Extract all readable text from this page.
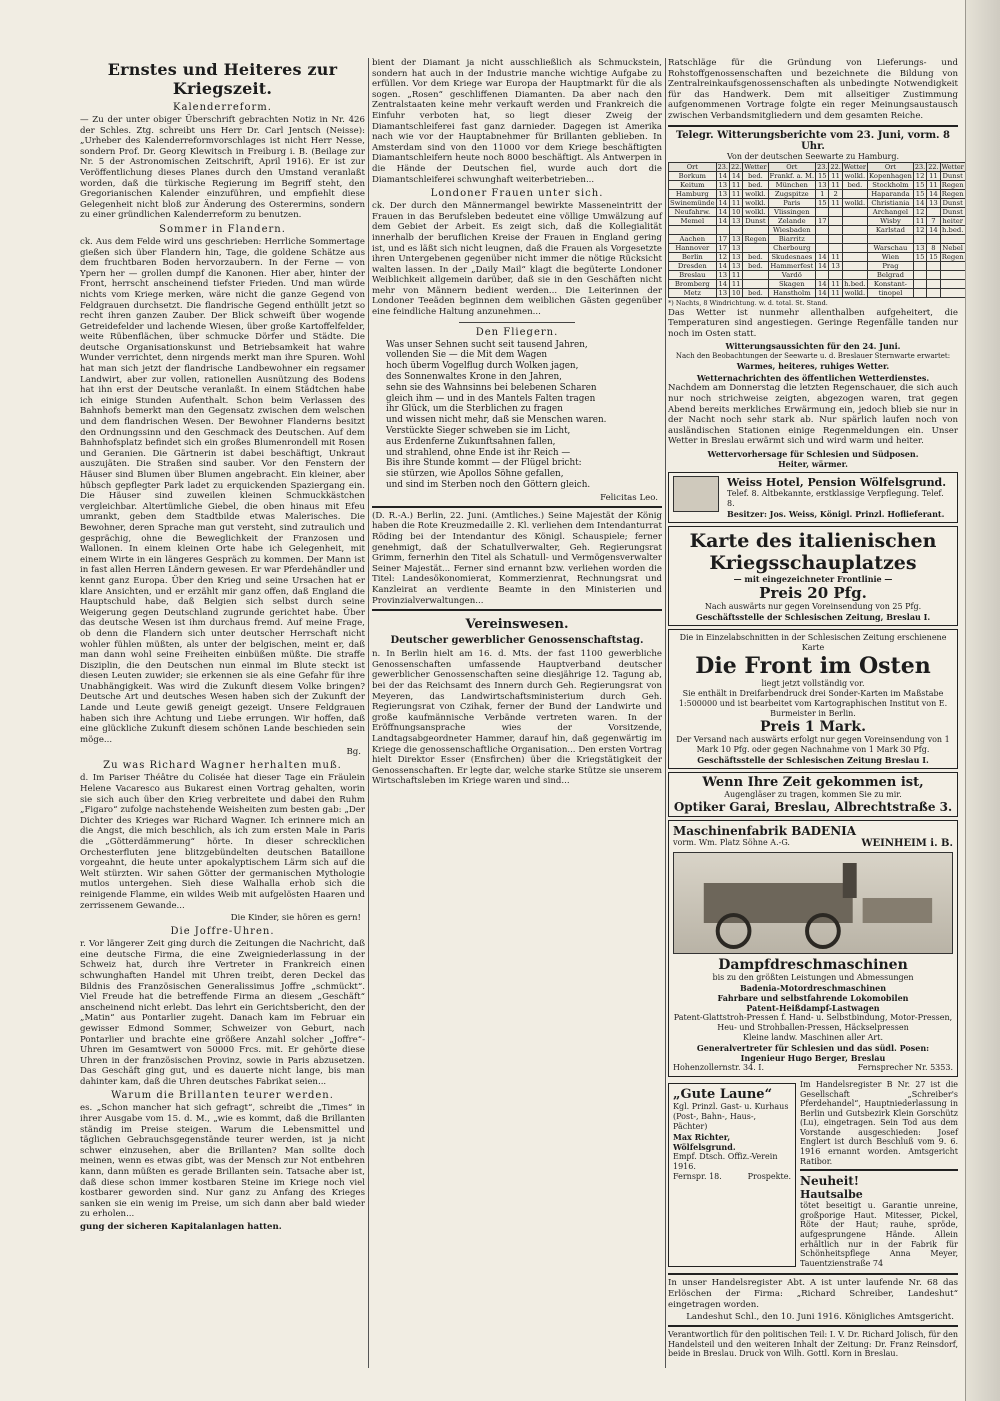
Ernstes und Heiteres zur Kriegszeit.
Kalenderreform.

— Zu der unter obiger Überschrift gebrachten Notiz in Nr. 426 der Schles. Ztg. schreibt uns Herr Dr. Carl Jentsch (Neisse): „Urheber des Kalenderreformvorschlages ist nicht Herr Nesse, sondern Prof. Dr. Georg Klewitsch in Freiburg i. B. (Beilage zur Nr. 5 der Astronomischen Zeitschrift, April 1916). Er ist zur Veröffentlichung dieses Planes durch den Umstand veranlaßt worden, daß die türkische Regierung im Begriff steht, den Gregorianischen Kalender einzuführen, und empfiehlt diese Gelegenheit nicht bloß zur Änderung des Osterermins, sondern zu einer gründlichen Kalenderreform zu benutzen.

Sommer in Flandern.

ck. Aus dem Felde wird uns geschrieben: Herrliche Sommertage gießen sich über Flandern hin, Tage, die goldene Schätze aus dem fruchtbaren Boden hervorzaubern. In der Ferne — von Ypern her — grollen dumpf die Kanonen. Hier aber, hinter der Front, herrscht anscheinend tiefster Frieden. Und man würde nichts vom Kriege merken, wäre nicht die ganze Gegend von Feldgrauen durchsetzt. Die flandrische Gegend enthüllt jetzt so recht ihren ganzen Zauber. Der Blick schweift über wogende Getreidefelder und lachende Wiesen, über große Kartoffelfelder, weite Rübenflächen, über schmucke Dörfer und Städte. Die deutsche Organisationskunst und Betriebsamkeit hat wahre Wunder verrichtet, denn nirgends merkt man ihre Spuren. Wohl hat man sich jetzt der flandrische Landbewohner ein regsamer Landwirt, aber zur vollen, rationellen Ausnützung des Bodens hat ihn erst der Deutsche veranlaßt. In einem Städtchen habe ich einige Stunden Aufenthalt. Schon beim Verlassen des Bahnhofs bemerkt man den Gegensatz zwischen dem welschen und dem flandrischen Wesen. Der Bewohner Flanderns besitzt den Ordnungssinn und den Geschmack des Deutschen. Auf dem Bahnhofsplatz befindet sich ein großes Blumenrondell mit Rosen und Geranien. Die Gärtnerin ist dabei beschäftigt, Unkraut auszujäten. Die Straßen sind sauber. Vor den Fenstern der Häuser sind Blumen über Blumen angebracht. Ein kleiner, aber hübsch gepflegter Park ladet zu erquickenden Spaziergang ein. Die Häuser sind zuweilen kleinen Schmuckkästchen vergleichbar. Altertümliche Giebel, die oben hinaus mit Efeu umrankt, geben dem Stadtbilde etwas Malerisches. Die Bewohner, deren Sprache man gut versteht, sind zutraulich und gesprächig, ohne die Beweglichkeit der Franzosen und Wallonen. In einem kleinen Orte habe ich Gelegenheit, mit einem Wirte in ein längeres Gespräch zu kommen. Der Mann ist in fast allen Herren Ländern gewesen. Er war Pferdehändler und kennt ganz Europa. Über den Krieg und seine Ursachen hat er klare Ansichten, und er erzählt mir ganz offen, daß England die Hauptschuld habe, daß Belgien sich selbst durch seine Weigerung gegen Deutschland zugrunde gerichtet habe. Über das deutsche Wesen ist ihm durchaus fremd. Auf meine Frage, ob denn die Flandern sich unter deutscher Herrschaft nicht wohler fühlen müßten, als unter der belgischen, meint er, daß man dann wohl seine Freiheiten einbüßen müßte. Die straffe Disziplin, die den Deutschen nun einmal im Blute steckt ist diesen Leuten zuwider; sie erkennen sie als eine Gefahr für ihre Unabhängigkeit. Was wird die Zukunft diesem Volke bringen? Deutsche Art und deutsches Wesen haben sich der Zukunft der Lande und Leute gewiß geneigt gezeigt. Unsere Feldgrauen haben sich ihre Achtung und Liebe errungen. Wir hoffen, daß eine glückliche Zukunft diesem schönen Lande beschieden sein möge...

Bg.
Zu was Richard Wagner herhalten muß.

d. Im Pariser Théâtre du Colisée hat dieser Tage ein Fräulein Helene Vacaresco aus Bukarest einen Vortrag gehalten, worin sie sich auch über den Krieg verbreitete und dabei den Ruhm „Figaro“ zufolge nachstehende Weisheiten zum besten gab: „Der Dichter des Krieges war Richard Wagner. Ich erinnere mich an die Angst, die mich beschlich, als ich zum ersten Male in Paris die „Götterdämmerung“ hörte. In dieser schrecklichen Orchesterfluten jene blitzgebündelten deutschen Bataillone vorgeahnt, die heute unter apokalyptischem Lärm sich auf die Welt stürzten. Wir sahen Götter der germanischen Mythologie mutlos untergehen. Sieh diese Walhalla erhob sich die reinigende Flamme, ein wildes Weib mit aufgelösten Haaren und zerrissenem Gewande...

Die Kinder, sie hören es gern!
Die Joffre-Uhren.

r. Vor längerer Zeit ging durch die Zeitungen die Nachricht, daß eine deutsche Firma, die eine Zweigniederlassung in der Schweiz hat, durch ihre Vertreter in Frankreich einen schwunghaften Handel mit Uhren treibt, deren Deckel das Bildnis des Französischen Generalissimus Joffre „schmückt“. Viel Freude hat die betreffende Firma an diesem „Geschäft“ anscheinend nicht erlebt. Das lehrt ein Gerichtsbericht, den der „Matin“ aus Pontarlier zugeht. Danach kam im Februar ein gewisser Edmond Sommer, Schweizer von Geburt, nach Pontarlier und brachte eine größere Anzahl solcher „Joffre“-Uhren im Gesamtwert von 50000 Frcs. mit. Er gehörte diese Uhren in der französischen Provinz, sowie in Paris abzusetzen. Das Geschäft ging gut, und es dauerte nicht lange, bis man dahinter kam, daß die Uhren deutsches Fabrikat seien...

Warum die Brillanten teurer werden.

es. „Schon mancher hat sich gefragt“, schreibt die „Times“ in ihrer Ausgabe vom 15. d. M., „wie es kommt, daß die Brillanten ständig im Preise steigen. Warum die Lebensmittel und täglichen Gebrauchsgegenstände teurer werden, ist ja nicht schwer einzusehen, aber die Brillanten? Man sollte doch meinen, wenn es etwas gibt, was der Mensch zur Not entbehren kann, dann müßten es gerade Brillanten sein. Tatsache aber ist, daß diese schon immer kostbaren Steine im Kriege noch viel kostbarer geworden sind. Nur ganz zu Anfang des Krieges sanken sie ein wenig im Preise, um sich dann aber bald wieder zu erholen...

gung der sicheren Kapitalanlagen hatten.

bient der Diamant ja nicht ausschließlich als Schmuckstein, sondern hat auch in der Industrie manche wichtige Aufgabe zu erfüllen. Vor dem Kriege war Europa der Hauptmarkt für die als sogen. „Rosen“ geschliffenen Diamanten. Da aber nach den Zentralstaaten keine mehr verkauft werden und Frankreich die Einfuhr verboten hat, so liegt dieser Zweig der Diamantschleiferei fast ganz darnieder. Dagegen ist Amerika nach wie vor der Hauptabnehmer für Brillanten geblieben. In Amsterdam sind von den 11000 vor dem Kriege beschäftigten Diamantschleifern heute noch 8000 beschäftigt. Als Antwerpen in die Hände der Deutschen fiel, wurde auch dort die Diamantschleiferei schwunghaft weiterbetrieben...

Londoner Frauen unter sich.

ck. Der durch den Männermangel bewirkte Masseneintritt der Frauen in das Berufsleben bedeutet eine völlige Umwälzung auf dem Gebiet der Arbeit. Es zeigt sich, daß die Kollegialität innerhalb der beruflichen Kreise der Frauen in England gering ist, und es läßt sich nicht leugnen, daß die Frauen als Vorgesetzte ihren Untergebenen gegenüber nicht immer die nötige Rücksicht walten lassen. In der „Daily Mail“ klagt die begüterte Londoner Weiblichkeit allgemein darüber, daß sie in den Geschäften nicht mehr von Männern bedient werden... Die Leiterinnen der Londoner Teeäden beginnen dem weiblichen Gästen gegenüber eine feindliche Haltung anzunehmen...

Den Fliegern.
Was unser Sehnen sucht seit tausend Jahren,
vollenden Sie — die Mit dem Wagen
hoch überm Vogelflug durch Wolken jagen,
des Sonnenwaltes Krone in den Jahren,
sehn sie des Wahnsinns bei belebenen Scharen
gleich ihm — und in des Mantels Falten tragen
ihr Glück, um die Sterblichen zu fragen
und wissen nicht mehr, daß sie Menschen waren.
Verstückte Sieger schweben sie im Licht,
aus Erdenferne Zukunftsahnen fallen,
und strahlend, ohne Ende ist ihr Reich —
Bis ihre Stunde kommt — der Flügel bricht:
sie stürzen, wie Apollos Söhne gefallen,
und sind im Sterben noch den Göttern gleich.
Felicitas Leo.

(D. R.-A.) Berlin, 22. Juni. (Amtliches.) Seine Majestät der König haben die Rote Kreuzmedaille 2. Kl. verliehen dem Intendanturrat Röding bei der Intendantur des Königl. Schauspiele; ferner genehmigt, daß der Schatullverwalter, Geh. Regierungsrat Grimm, fernerhin den Titel als Schatull- und Vermögensverwalter Seiner Majestät... Ferner sind ernannt bzw. verliehen worden die Titel: Landesökonomierat, Kommerzienrat, Rechnungsrat und Kanzleirat an verdiente Beamte in den Ministerien und Provinzialverwaltungen...

Vereinswesen.
Deutscher gewerblicher Genossenschaftstag.

n. In Berlin hielt am 16. d. Mts. der fast 1100 gewerbliche Genossenschaften umfassende Hauptverband deutscher gewerblicher Genossenschaften seine diesjährige 12. Tagung ab, bei der das Reichsamt des Innern durch Geh. Regierungsrat von Meyeren, das Landwirtschaftsministerium durch Geh. Regierungsrat von Czihak, ferner der Bund der Landwirte und große kaufmännische Verbände vertreten waren. In der Eröffnungsansprache wies der Vorsitzende, Landtagsabgeordneter Hammer, darauf hin, daß gegenwärtig im Kriege die genossenschaftliche Organisation... Den ersten Vortrag hielt Direktor Esser (Ensfirchen) über die Kriegstätigkeit der Genossenschaften. Er legte dar, welche starke Stütze sie unserem Wirtschaftsleben im Kriege waren und sind...

Ratschläge für die Gründung von Lieferungs- und Rohstoffgenossenschaften und bezeichnete die Bildung von Zentralreinkaufsgenossenschaften als unbedingte Notwendigkeit für das Handwerk. Dem mit allseitiger Zustimmung aufgenommenen Vortrage folgte ein reger Meinungsaustausch zwischen Verbandsmitgliedern und dem gesamten Reiche.

Telegr. Witterungsberichte vom 23. Juni, vorm. 8 Uhr.
Von der deutschen Seewarte zu Hamburg.
Ort	23.	22.	Wetter	Ort	23.	22.	Wetter	Ort	23.	22.	Wetter
Borkum	14	14	bed.	Frankf. a. M.	15	11	wolkl.	Kopenhagen	12	11	Dunst
Keitum	13	11	bed.	München	13	11	bed.	Stockholm	15	11	Regen
Hamburg	13	11	wolkl.	Zugspitze	1	2		Haparanda	15	14	Regen
Swinemünde	14	11	wolkl.	Paris	15	11	wolkl.	Christiania	14	13	Dunst
Neufahrw.	14	10	wolkl.	Vlissingen				Archangel	12		Dunst
Memel	14	13	Dunst	Zelande	17			Wisby	11	7	heiter
				Wiesbaden				Karlstad	12	14	h.bed.
Aachen	17	13	Regen	Biarritz							
Hannover	17	13		Cherbourg				Warschau	13	8	Nebel
Berlin	12	13	bed.	Skudesnaes	14	11		Wien	15	15	Regen
Dresden	14	13	bed.	Hammerfest	14	13		Prag			
Breslau	13	11		Vardö				Belgrad			
Bromberg	14	11		Skagen	14	11	h.bed.	Konstant-			
Metz	13	10	bed.	Hanstholm	14	11	wolkl.	tinopel			
*) Nachts, 8 Windrichtung. w. d. total. St. Stand.

Das Wetter ist nunmehr allenthalben aufgeheitert, die Temperaturen sind angestiegen. Geringe Regenfälle tanden nur noch im Osten statt.

Witterungsaussichten für den 24. Juni.
Nach den Beobachtungen der Seewarte u. d. Breslauer Sternwarte erwartet:
Warmes, heiteres, ruhiges Wetter.
Wetternachrichten des öffentlichen Wetterdienstes.

Nachdem am Donnerstag die letzten Regenschauer, die sich auch nur noch strichweise zeigten, abgezogen waren, trat gegen Abend bereits merkliches Erwärmung ein, jedoch blieb sie nur in der Nacht noch sehr stark ab. Nur spärlich laufen noch von ausländischen Stationen einige Regenmeldungen ein. Unser Wetter in Breslau erwärmt sich und wird warm und heiter.

Wettervorhersage für Schlesien und Südposen.
Heiter, wärmer.
Weiss Hotel, Pension Wölfelsgrund.
Telef. 8. Altbekannte, erstklassige Verpflegung. Telef. 8.
Besitzer: Jos. Weiss, Königl. Prinzl. Hoflieferant.
Karte des italienischen
Kriegsschauplatzes
— mit eingezeichneter Frontlinie —
Preis 20 Pfg.
Nach auswärts nur gegen Voreinsendung von 25 Pfg.
Geschäftsstelle der Schlesischen Zeitung, Breslau I.
Die in Einzelabschnitten in der Schlesischen Zeitung erschienene Karte
Die Front im Osten
liegt jetzt vollständig vor.
Sie enthält in Dreifarbendruck drei Sonder-Karten im Maßstabe 1:500000 und ist bearbeitet vom Kartographischen Institut von E. Burmeister in Berlin.
Preis 1 Mark.
Der Versand nach auswärts erfolgt nur gegen Voreinsendung von 1 Mark 10 Pfg. oder gegen Nachnahme von 1 Mark 30 Pfg.
Geschäftsstelle der Schlesischen Zeitung Breslau I.
Wenn Ihre Zeit gekommen ist,
Augengläser zu tragen, kommen Sie zu mir.
Optiker Garai, Breslau, Albrechtstraße 3.
Maschinenfabrik BADENIA
vorm. Wm. Platz Söhne A.-G.	WEINHEIM i. B.
Dampfdreschmaschinen
bis zu den größten Leistungen und Abmessungen
Badenia-Motordreschmaschinen
Fahrbare und selbstfahrende Lokomobilen
Patent-Heißdampf-Lastwagen
Patent-Glattstroh-Pressen f. Hand- u. Selbstbindung, Motor-Pressen, Heu- und Strohballen-Pressen, Häckselpressen
Kleine landw. Maschinen aller Art.
Generalvertreter für Schlesien und das südl. Posen:
Ingenieur Hugo Berger, Breslau
Hohenzollernstr. 34. I.	Fernsprecher Nr. 5353.
„Gute Laune“
Kgl. Prinzl. Gast- u. Kurhaus
(Post-, Bahn-, Haus-, Pächter)
Max Richter,
Wölfelsgrund.
Empf. Dtsch. Offiz.-Verein 1916.
Fernspr. 18.	Prospekte.

Im Handelsregister B Nr. 27 ist die Gesellschaft „Schreiber's Pferdehandel“, Hauptniederlassung in Berlin und Gutsbezirk Klein Gorschütz (Lu), eingetragen. Sein Tod aus dem Vorstande ausgeschieden: Josef Englert ist durch Beschluß vom 9. 6. 1916 ernannt worden. Amtsgericht Ratibor.

Neuheit!
Hautsalbe

tötet beseitigt u. Garantie unreine, großporige Haut. Mitesser, Pickel, Röte der Haut; rauhe, spröde, aufgesprungene Hände. Allein erhältlich nur in der Fabrik für Schönheitspflege Anna Meyer, Tauentzienstraße 74

In unser Handelsregister Abt. A ist unter laufende Nr. 68 das Erlöschen der Firma: „Richard Schreiber, Landeshut“ eingetragen worden.

Landeshut Schl., den 10. Juni 1916. Königliches Amtsgericht.

Verantwortlich für den politischen Teil: I. V. Dr. Richard Jolisch, für den Handelsteil und den weiteren Inhalt der Zeitung: Dr. Franz Reinsdorf, beide in Breslau. Druck von Wilh. Gottl. Korn in Breslau.
